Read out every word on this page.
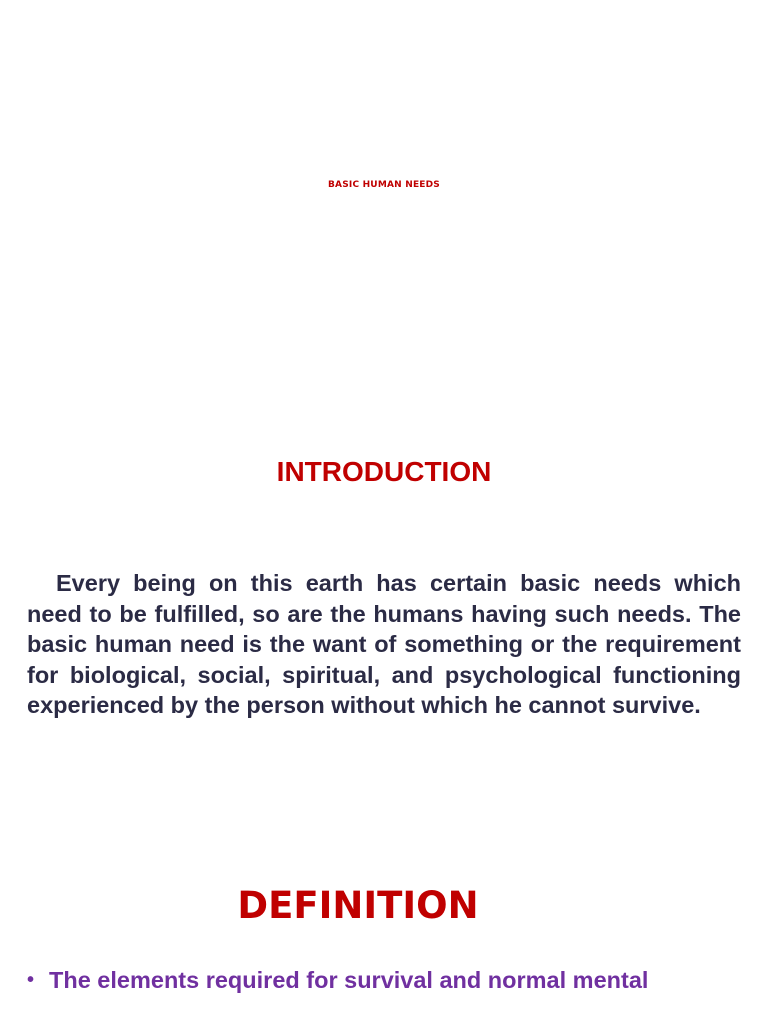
BASIC HUMAN NEEDS
INTRODUCTION

Every being on this earth has certain basic needs which need to be fulfilled, so are the humans having such needs. The basic human need is the want of something or the requirement for biological, social, spiritual, and psychological functioning experienced by the person without which he cannot survive.

DEFINITION
• The elements required for survival and normal mental
